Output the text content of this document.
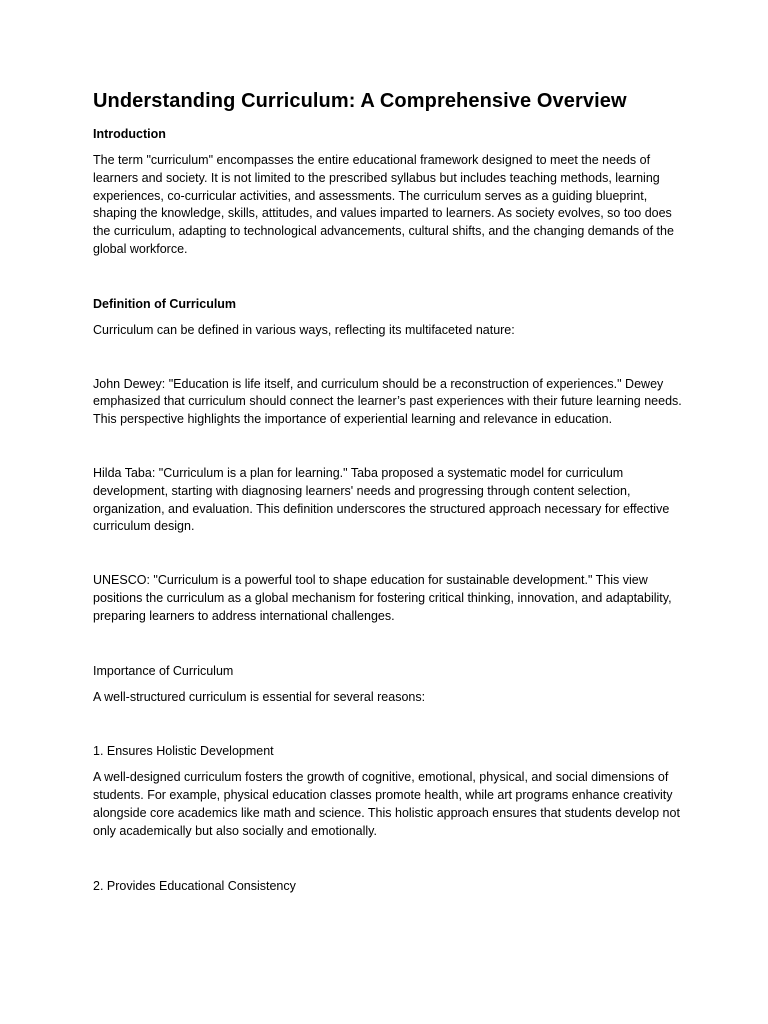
Understanding Curriculum: A Comprehensive Overview
Introduction

The term "curriculum" encompasses the entire educational framework designed to meet the needs of learners and society. It is not limited to the prescribed syllabus but includes teaching methods, learning experiences, co-curricular activities, and assessments. The curriculum serves as a guiding blueprint, shaping the knowledge, skills, attitudes, and values imparted to learners. As society evolves, so too does the curriculum, adapting to technological advancements, cultural shifts, and the changing demands of the global workforce.

Definition of Curriculum

Curriculum can be defined in various ways, reflecting its multifaceted nature:

John Dewey: "Education is life itself, and curriculum should be a reconstruction of experiences." Dewey emphasized that curriculum should connect the learner’s past experiences with their future learning needs. This perspective highlights the importance of experiential learning and relevance in education.

Hilda Taba: "Curriculum is a plan for learning." Taba proposed a systematic model for curriculum development, starting with diagnosing learners' needs and progressing through content selection, organization, and evaluation. This definition underscores the structured approach necessary for effective curriculum design.

UNESCO: "Curriculum is a powerful tool to shape education for sustainable development." This view positions the curriculum as a global mechanism for fostering critical thinking, innovation, and adaptability, preparing learners to address international challenges.

Importance of Curriculum

A well-structured curriculum is essential for several reasons:

1. Ensures Holistic Development

A well-designed curriculum fosters the growth of cognitive, emotional, physical, and social dimensions of students. For example, physical education classes promote health, while art programs enhance creativity alongside core academics like math and science. This holistic approach ensures that students develop not only academically but also socially and emotionally.

2. Provides Educational Consistency
